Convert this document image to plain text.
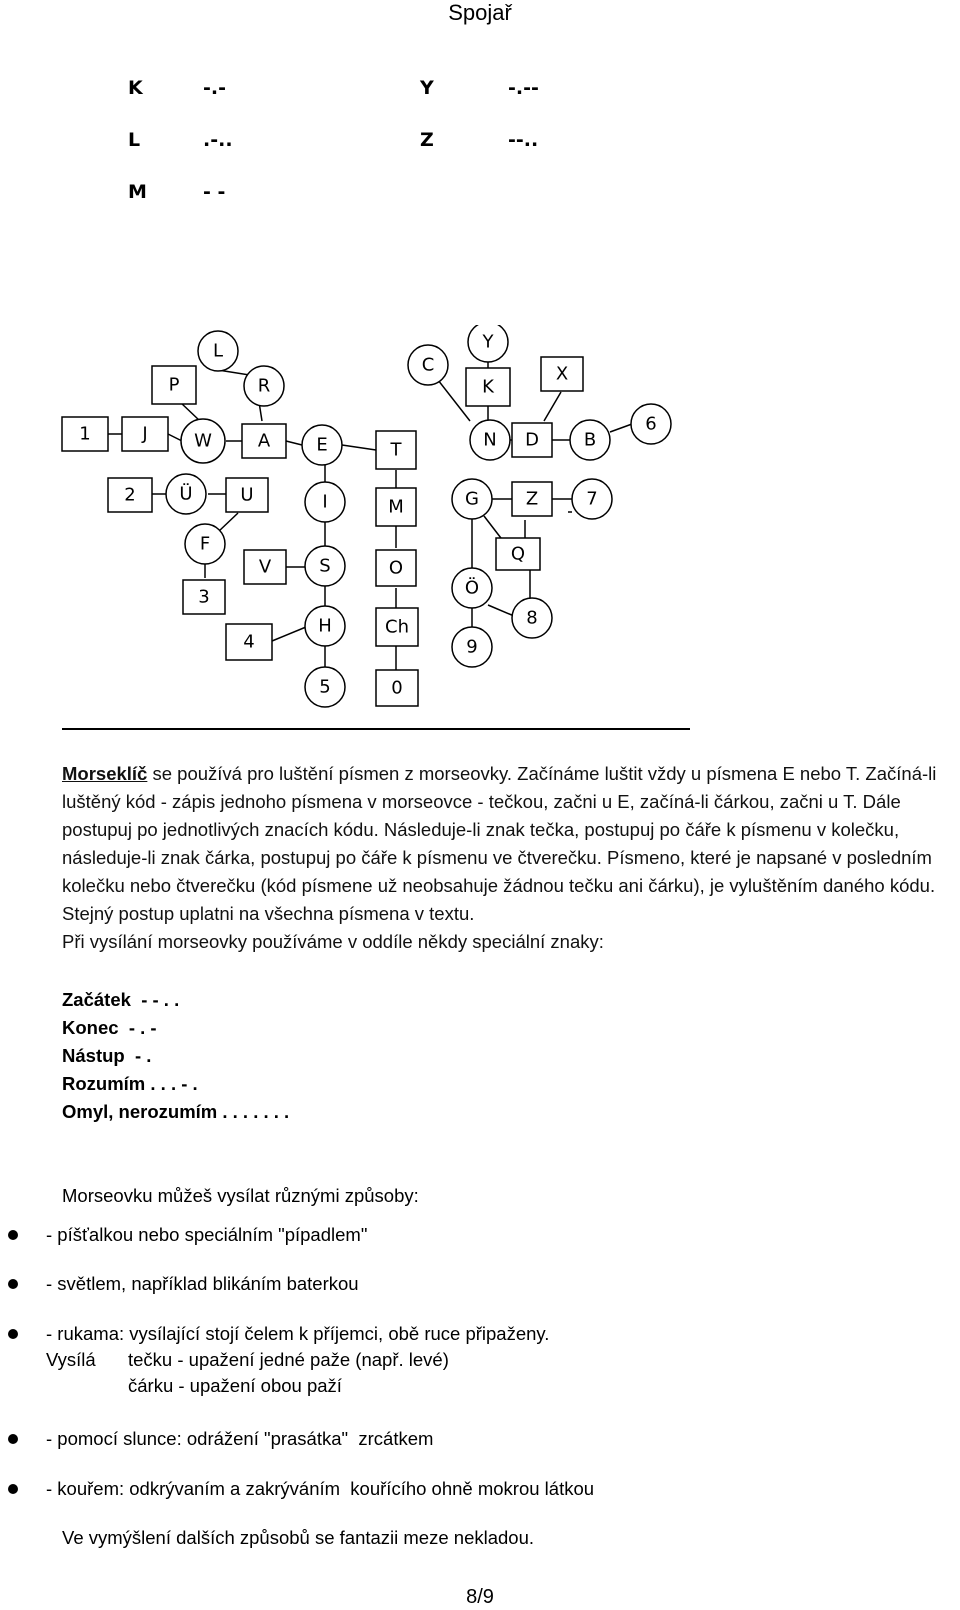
Spojař
K	-.-	Y	-.--
L	.-..	Z	--..
M	- -
1	J	W	A	E	T	N D B
6
P
L
R
C
Y
K
X
2 Ü	U	I	M	G	Z	7
F
V	S	O
Q
Ö
3
4
H	Ch	8
9
5	0

Morseklíč se používá pro luštění písmen z morseovky. Začínáme luštit vždy u písmena E nebo T. Začíná-li luštěný kód - zápis jednoho písmena v morseovce - tečkou, začni u E, začíná-li čárkou, začni u T. Dále postupuj po jednotlivých znacích kódu. Následuje-li znak tečka, postupuj po čáře k písmenu v kolečku, následuje-li znak čárka, postupuj po čáře k písmenu ve čtverečku. Písmeno, které je napsané v posledním kolečku nebo čtverečku (kód písmene už neobsahuje žádnou tečku ani čárku), je vyluštěním daného kódu. Stejný postup uplatni na všechna písmena v textu.

Při vysílání morseovky používáme v oddíle někdy speciální znaky:

Začátek - - . .
Konec - . -
Nástup - .
Rozumím . . . - .
Omyl, nerozumím . . . . . . .
Morseovku můžeš vysílat různými způsoby:
- píšťalkou nebo speciálním "pípadlem"
- světlem, například blikáním baterkou
- rukama: vysílající stojí čelem k příjemci, obě ruce připaženy.
Vysílá tečku - upažení jedné paže (např. levé)
čárku - upažení obou paží
- pomocí slunce: odrážení "prasátka"  zrcátkem
- kouřem: odkrývaním a zakrýváním  kouřícího ohně mokrou látkou
Ve vymýšlení dalších způsobů se fantazii meze nekladou.
8/9
